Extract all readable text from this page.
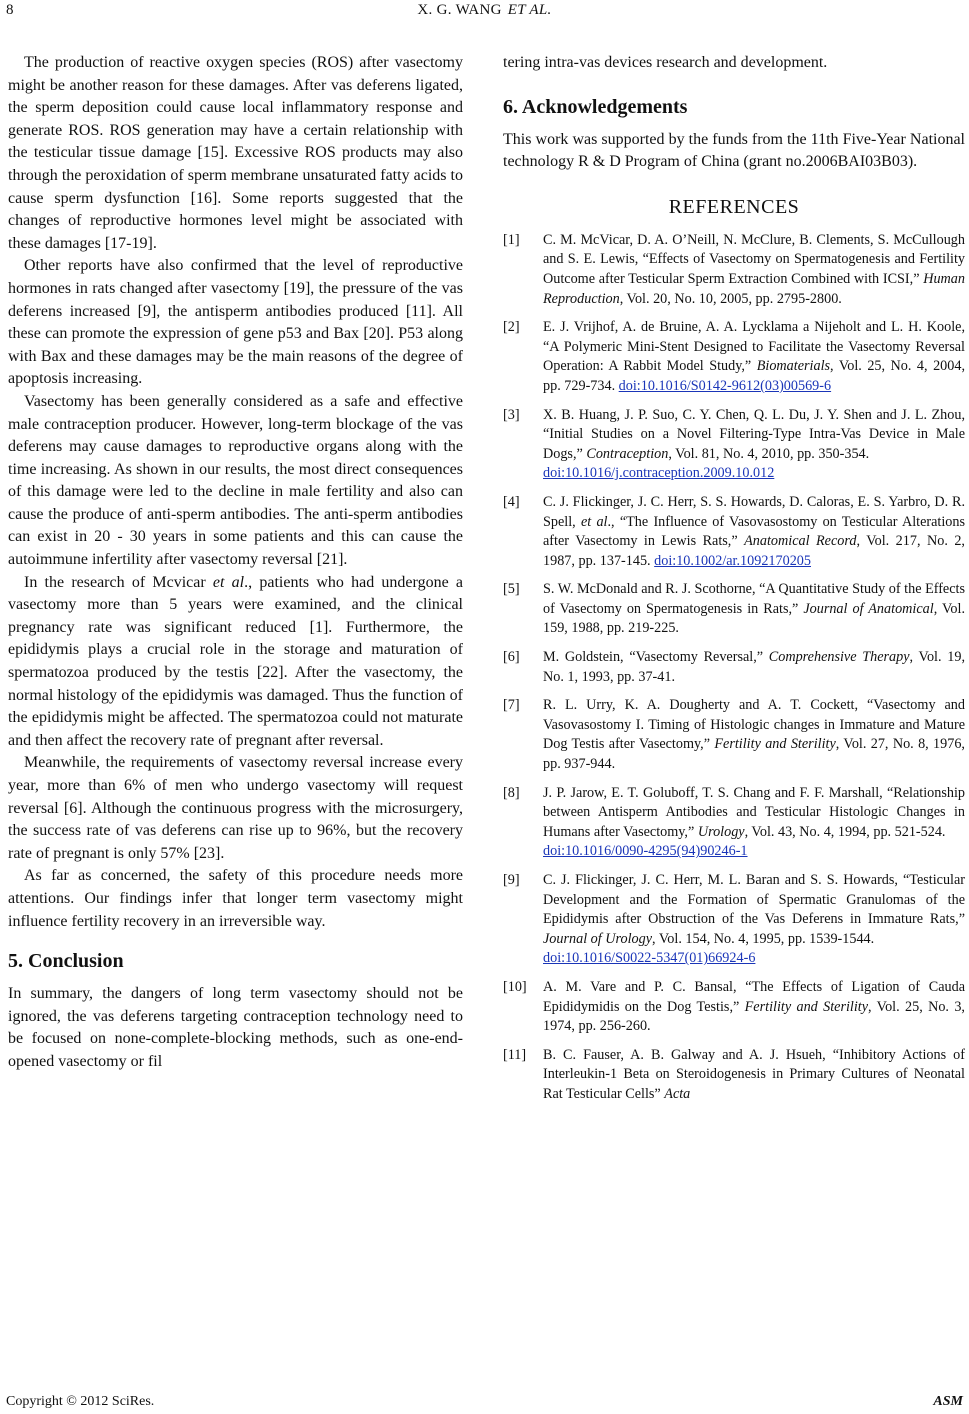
8	X. G. WANG ET AL.

The production of reactive oxygen species (ROS) after vasectomy might be another reason for these damages. After vas deferens ligated, the sperm deposition could cause local inflammatory response and generate ROS. ROS generation may have a certain relationship with the testicular tissue damage [15]. Excessive ROS products may also through the peroxidation of sperm membrane unsaturated fatty acids to cause sperm dysfunction [16]. Some reports suggested that the changes of reproductive hormones level might be associated with these damages [17-19].

Other reports have also confirmed that the level of reproductive hormones in rats changed after vasectomy [19], the pressure of the vas deferens increased [9], the antisperm antibodies produced [11]. All these can promote the expression of gene p53 and Bax [20]. P53 along with Bax and these damages may be the main reasons of the degree of apoptosis increasing.

Vasectomy has been generally considered as a safe and effective male contraception producer. However, long-term blockage of the vas deferens may cause damages to reproductive organs along with the time increasing. As shown in our results, the most direct consequences of this damage were led to the decline in male fertility and also can cause the produce of anti-sperm antibodies. The anti-sperm antibodies can exist in 20 - 30 years in some patients and this can cause the autoimmune infertility after vasectomy reversal [21].

In the research of Mcvicar et al., patients who had undergone a vasectomy more than 5 years were examined, and the clinical pregnancy rate was significant reduced [1]. Furthermore, the epididymis plays a crucial role in the storage and maturation of spermatozoa produced by the testis [22]. After the vasectomy, the normal histology of the epididymis was damaged. Thus the function of the epididymis might be affected. The spermatozoa could not maturate and then affect the recovery rate of pregnant after reversal.

Meanwhile, the requirements of vasectomy reversal increase every year, more than 6% of men who undergo vasectomy will request reversal [6]. Although the continuous progress with the microsurgery, the success rate of vas deferens can rise up to 96%, but the recovery rate of pregnant is only 57% [23].

As far as concerned, the safety of this procedure needs more attentions. Our findings infer that longer term vasectomy might influence fertility recovery in an irreversible way.

5. Conclusion

In summary, the dangers of long term vasectomy should not be ignored, the vas deferens targeting contraception technology need to be focused on none-complete-blocking methods, such as one-end-opened vasectomy or fil

tering intra-vas devices research and development.

6. Acknowledgements

This work was supported by the funds from the 11th Five-Year National technology R & D Program of China (grant no.2006BAI03B03).

REFERENCES
[1]	C. M. McVicar, D. A. O’Neill, N. McClure, B. Clements, S. McCullough and S. E. Lewis, “Effects of Vasectomy on Spermatogenesis and Fertility Outcome after Testicular Sperm Extraction Combined with ICSI,” Human Reproduction, Vol. 20, No. 10, 2005, pp. 2795-2800.
[2]	E. J. Vrijhof, A. de Bruine, A. A. Lycklama a Nijeholt and L. H. Koole, “A Polymeric Mini-Stent Designed to Facilitate the Vasectomy Reversal Operation: A Rabbit Model Study,” Biomaterials, Vol. 25, No. 4, 2004, pp. 729-734. doi:10.1016/S0142-9612(03)00569-6
[3]	X. B. Huang, J. P. Suo, C. Y. Chen, Q. L. Du, J. Y. Shen and J. L. Zhou, “Initial Studies on a Novel Filtering-Type Intra-Vas Device in Male Dogs,” Contraception, Vol. 81, No. 4, 2010, pp. 350-354.
doi:10.1016/j.contraception.2009.10.012
[4]	C. J. Flickinger, J. C. Herr, S. S. Howards, D. Caloras, E. S. Yarbro, D. R. Spell, et al., “The Influence of Vasovasostomy on Testicular Alterations after Vasectomy in Lewis Rats,” Anatomical Record, Vol. 217, No. 2, 1987, pp. 137-145. doi:10.1002/ar.1092170205
[5]	S. W. McDonald and R. J. Scothorne, “A Quantitative Study of the Effects of Vasectomy on Spermatogenesis in Rats,” Journal of Anatomical, Vol. 159, 1988, pp. 219-225.
[6]	M. Goldstein, “Vasectomy Reversal,” Comprehensive Therapy, Vol. 19, No. 1, 1993, pp. 37-41.
[7]	R. L. Urry, K. A. Dougherty and A. T. Cockett, “Vasectomy and Vasovasostomy I. Timing of Histologic changes in Immature and Mature Dog Testis after Vasectomy,” Fertility and Sterility, Vol. 27, No. 8, 1976, pp. 937-944.
[8]	J. P. Jarow, E. T. Goluboff, T. S. Chang and F. F. Marshall, “Relationship between Antisperm Antibodies and Testicular Histologic Changes in Humans after Vasectomy,” Urology, Vol. 43, No. 4, 1994, pp. 521-524.
doi:10.1016/0090-4295(94)90246-1
[9]	C. J. Flickinger, J. C. Herr, M. L. Baran and S. S. Howards, “Testicular Development and the Formation of Spermatic Granulomas of the Epididymis after Obstruction of the Vas Deferens in Immature Rats,” Journal of Urology, Vol. 154, No. 4, 1995, pp. 1539-1544.
doi:10.1016/S0022-5347(01)66924-6
[10]	A. M. Vare and P. C. Bansal, “The Effects of Ligation of Cauda Epididymidis on the Dog Testis,” Fertility and Sterility, Vol. 25, No. 3, 1974, pp. 256-260.
[11]	B. C. Fauser, A. B. Galway and A. J. Hsueh, “Inhibitory Actions of Interleukin-1 Beta on Steroidogenesis in Primary Cultures of Neonatal Rat Testicular Cells” Acta
Copyright © 2012 SciRes.	ASM
